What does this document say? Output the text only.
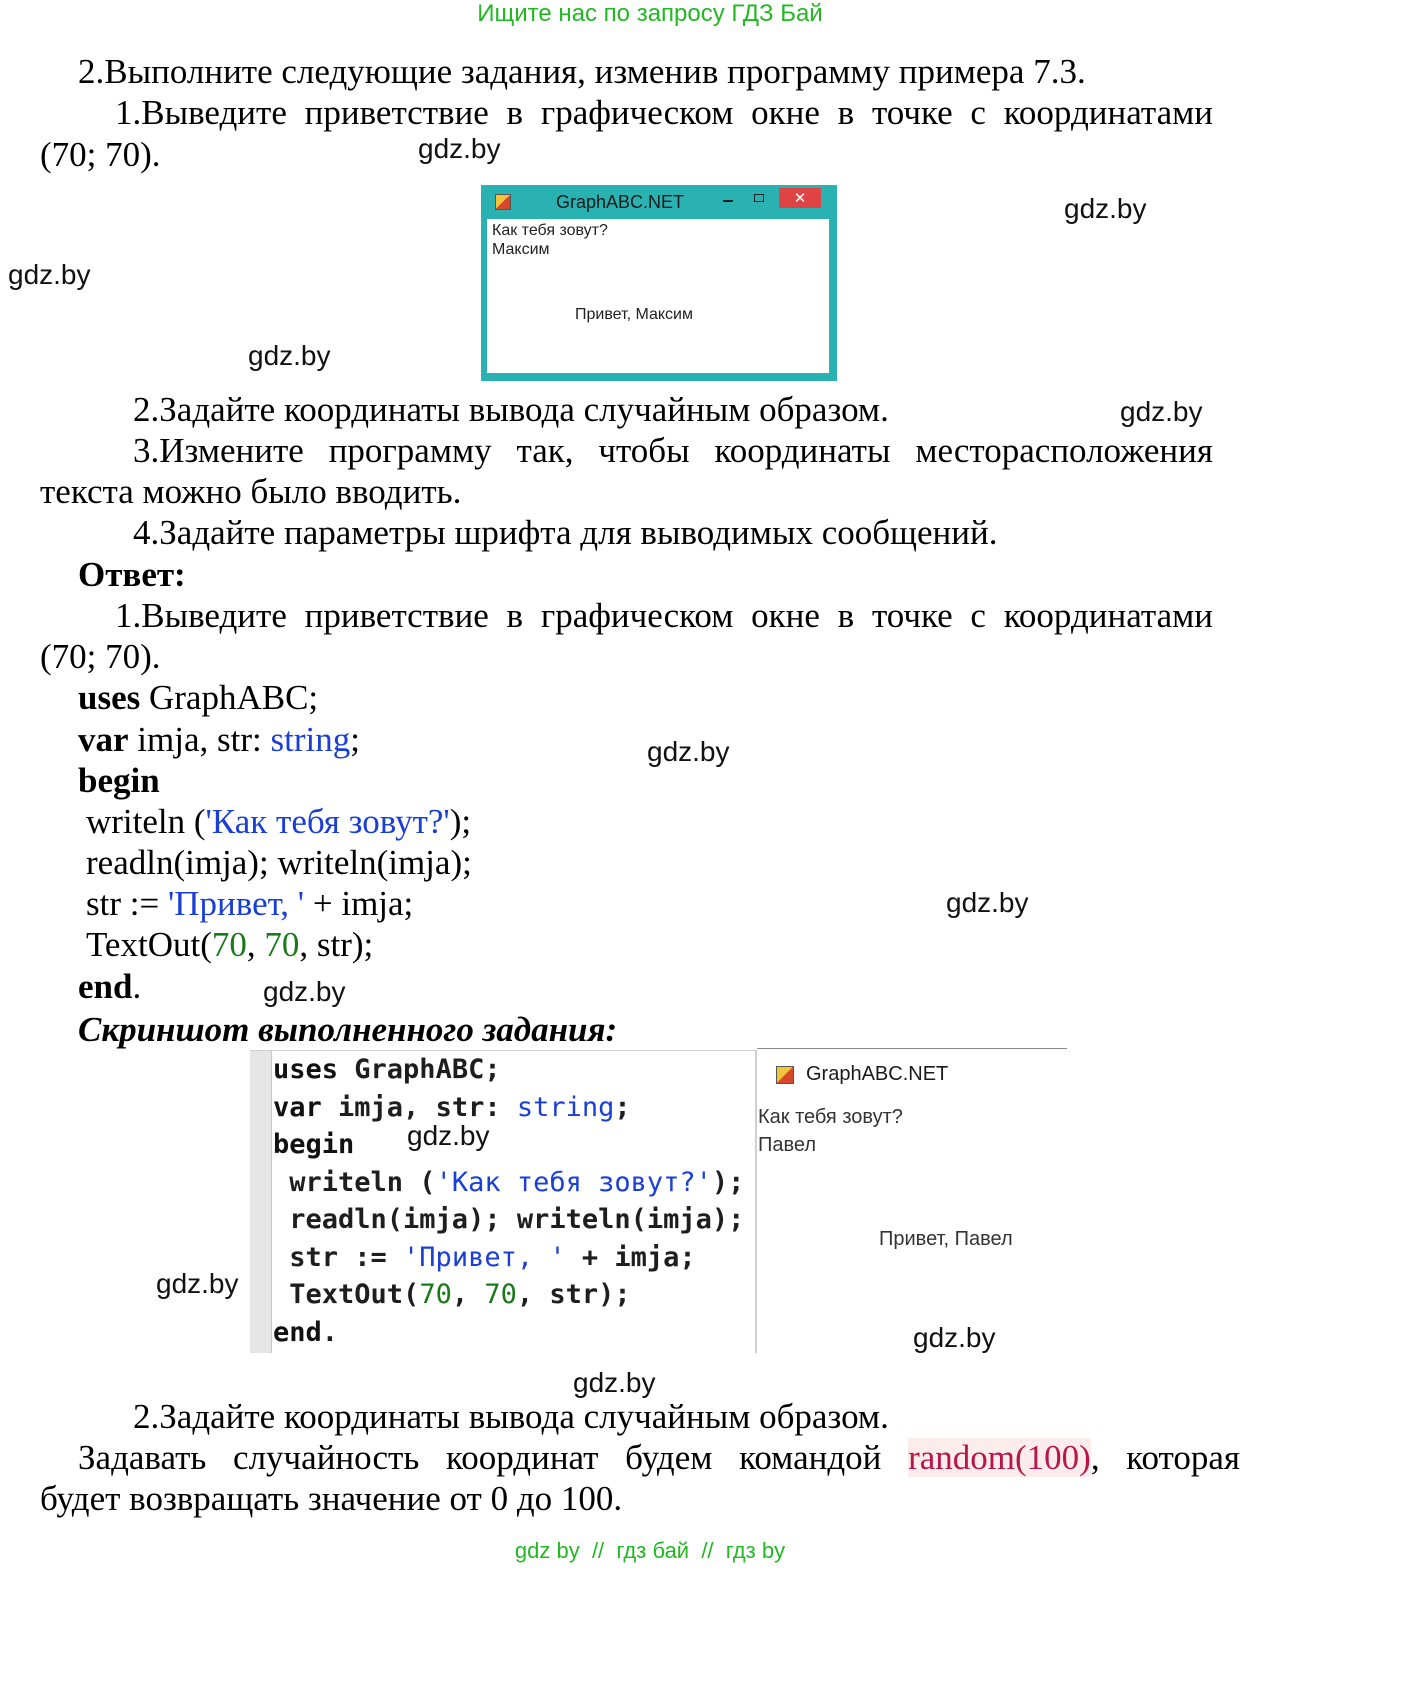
Ищите нас по запросу ГДЗ Бай
2.Выполните следующие задания, изменив программу примера 7.3.
1.Выведите приветствие в графическом окне в точке с координатами
(70; 70).	gdz.by
gdz.by
gdz.by
gdz.by
GraphABC.NET	✕
Как тебя зовут?
Максим
Привет, Максим
2.Задайте координаты вывода случайным образом.	gdz.by
3.Измените программу так, чтобы координаты месторасположения
текста можно было вводить.
4.Задайте параметры шрифта для выводимых сообщений.
Ответ:
1.Выведите приветствие в графическом окне в точке с координатами
(70; 70).
uses GraphABC;
var imja, str: string;	gdz.by
begin
writeln ('Как тебя зовут?');
readln(imja); writeln(imja);
str := 'Привет, ' + imja;	gdz.by
TextOut(70, 70, str);
end.	gdz.by
Скриншот выполненного задания:
uses GraphABC;
var imja, str: string;
begin
writeln ('Как тебя зовут?');
readln(imja); writeln(imja);
str := 'Привет, ' + imja;
TextOut(70, 70, str);
end.
gdz.by
gdz.by
GraphABC.NET
Как тебя зовут?
Павел
Привет, Павел
gdz.by
gdz.by
2.Задайте координаты вывода случайным образом.
Задавать случайность координат будем командой random(100), которая
будет возвращать значение от 0 до 100.
gdz by  //  гдз бай  //  гдз by
